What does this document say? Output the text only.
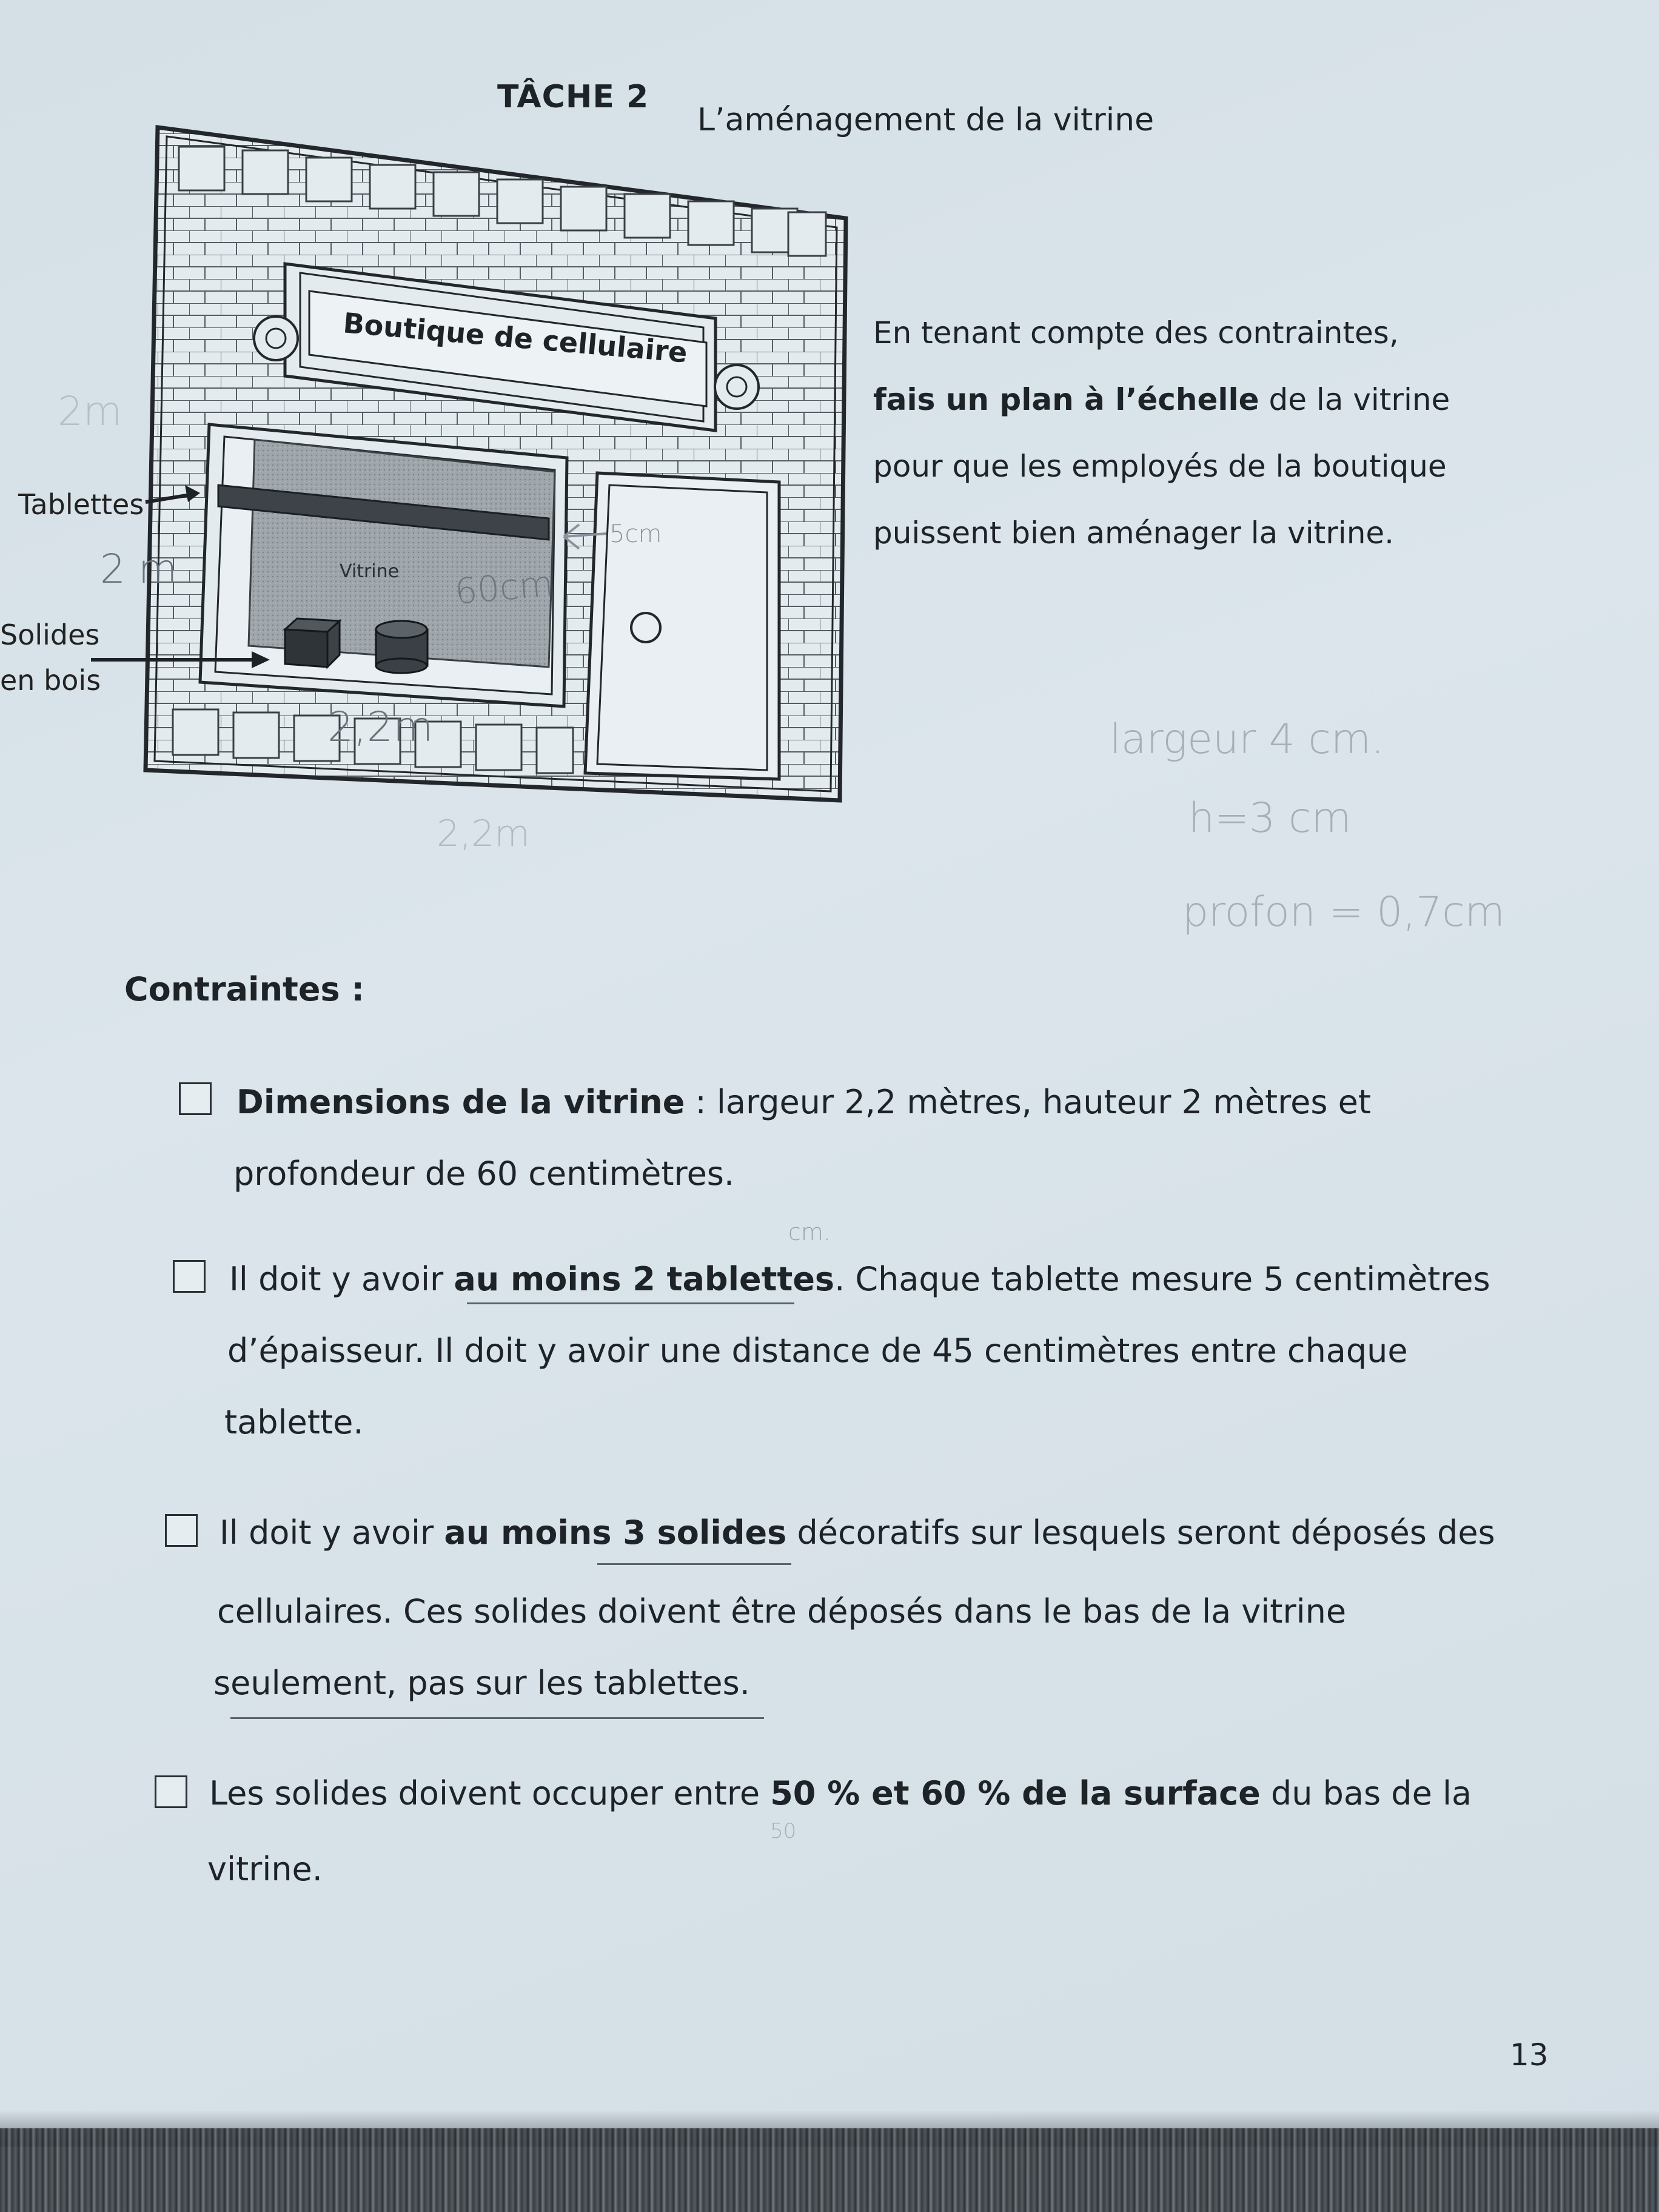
TÂCHE 2
L’aménagement de la vitrine
Boutique de cellulaire
Vitrine
Tablettes
Solides
en bois
2m
2 m
5cm
60cm
2,2m
2,2m
En tenant compte des contraintes,
fais un plan à l’échelle de la vitrine
pour que les employés de la boutique
puissent bien aménager la vitrine.
largeur 4 cm.
h=3 cm
profon = 0,7cm
Contraintes :
Dimensions de la vitrine : largeur 2,2 mètres, hauteur 2 mètres et
profondeur de 60 centimètres.
cm.
Il doit y avoir au moins 2 tablettes. Chaque tablette mesure 5 centimètres
d’épaisseur. Il doit y avoir une distance de 45 centimètres entre chaque
tablette.
Il doit y avoir au moins 3 solides décoratifs sur lesquels seront déposés des
cellulaires. Ces solides doivent être déposés dans le bas de la vitrine
seulement, pas sur les tablettes.
Les solides doivent occuper entre 50 % et 60 % de la surface du bas de la
50
vitrine.
13
